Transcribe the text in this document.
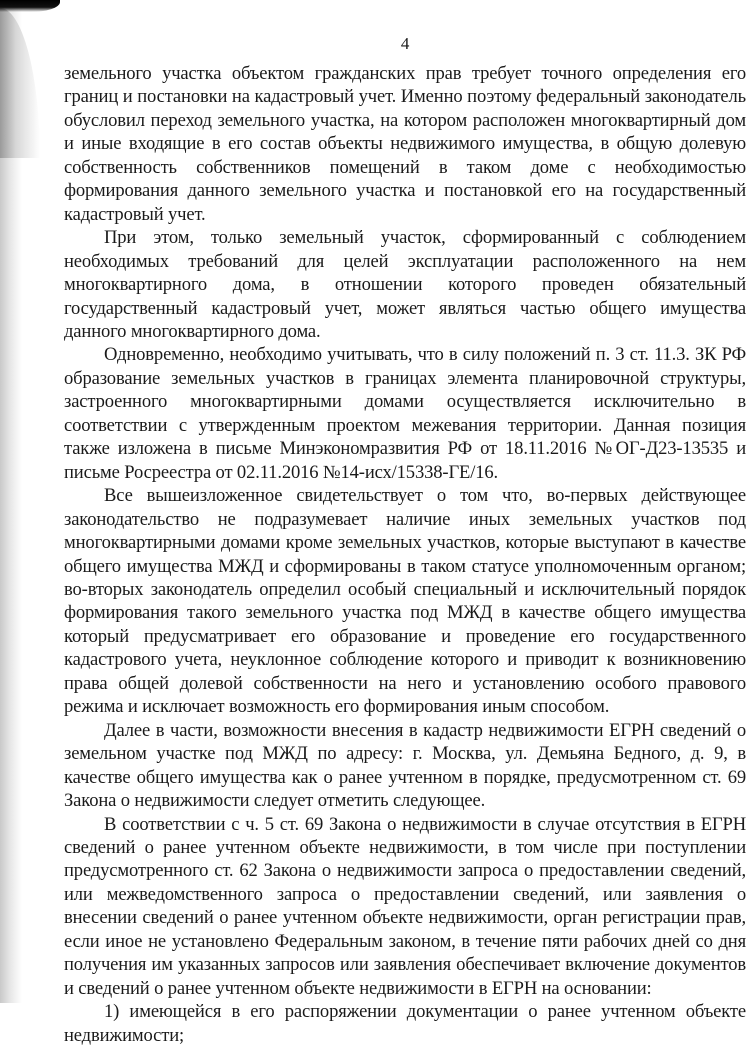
4

земельного участка объектом гражданских прав требует точного определения его границ и постановки на кадастровый учет. Именно поэтому федеральный законодатель обусловил переход земельного участка, на котором расположен многоквартирный дом и иные входящие в его состав объекты недвижимого имущества, в общую долевую собственность собственников помещений в таком доме с необходимостью формирования данного земельного участка и постановкой его на государственный кадастровый учет.

При этом, только земельный участок, сформированный с соблюдением необходимых требований для целей эксплуатации расположенного на нем многоквартирного дома, в отношении которого проведен обязательный государственный кадастровый учет, может являться частью общего имущества данного многоквартирного дома.

Одновременно, необходимо учитывать, что в силу положений п. 3 ст. 11.3. ЗК РФ образование земельных участков в границах элемента планировочной структуры, застроенного многоквартирными домами осуществляется исключительно в соответствии с утвержденным проектом межевания территории. Данная позиция также изложена в письме Минэкономразвития РФ от 18.11.2016 №ОГ-Д23-13535 и письме Росреестра от 02.11.2016 №14-исх/15338-ГЕ/16.

Все вышеизложенное свидетельствует о том что, во-первых действующее законодательство не подразумевает наличие иных земельных участков под многоквартирными домами кроме земельных участков, которые выступают в качестве общего имущества МЖД и сформированы в таком статусе уполномоченным органом; во-вторых законодатель определил особый специальный и исключительный порядок формирования такого земельного участка под МЖД в качестве общего имущества который предусматривает его образование и проведение его государственного кадастрового учета, неуклонное соблюдение которого и приводит к возникновению права общей долевой собственности на него и установлению особого правового режима и исключает возможность его формирования иным способом.

Далее в части, возможности внесения в кадастр недвижимости ЕГРН сведений о земельном участке под МЖД по адресу: г. Москва, ул. Демьяна Бедного, д. 9, в качестве общего имущества как о ранее учтенном в порядке, предусмотренном ст. 69 Закона о недвижимости следует отметить следующее.

В соответствии с ч. 5 ст. 69 Закона о недвижимости в случае отсутствия в ЕГРН сведений о ранее учтенном объекте недвижимости, в том числе при поступлении предусмотренного ст. 62 Закона о недвижимости запроса о предоставлении сведений, или межведомственного запроса о предоставлении сведений, или заявления о внесении сведений о ранее учтенном объекте недвижимости, орган регистрации прав, если иное не установлено Федеральным законом, в течение пяти рабочих дней со дня получения им указанных запросов или заявления обеспечивает включение документов и сведений о ранее учтенном объекте недвижимости в ЕГРН на основании:

1) имеющейся в его распоряжении документации о ранее учтенном объекте недвижимости;
